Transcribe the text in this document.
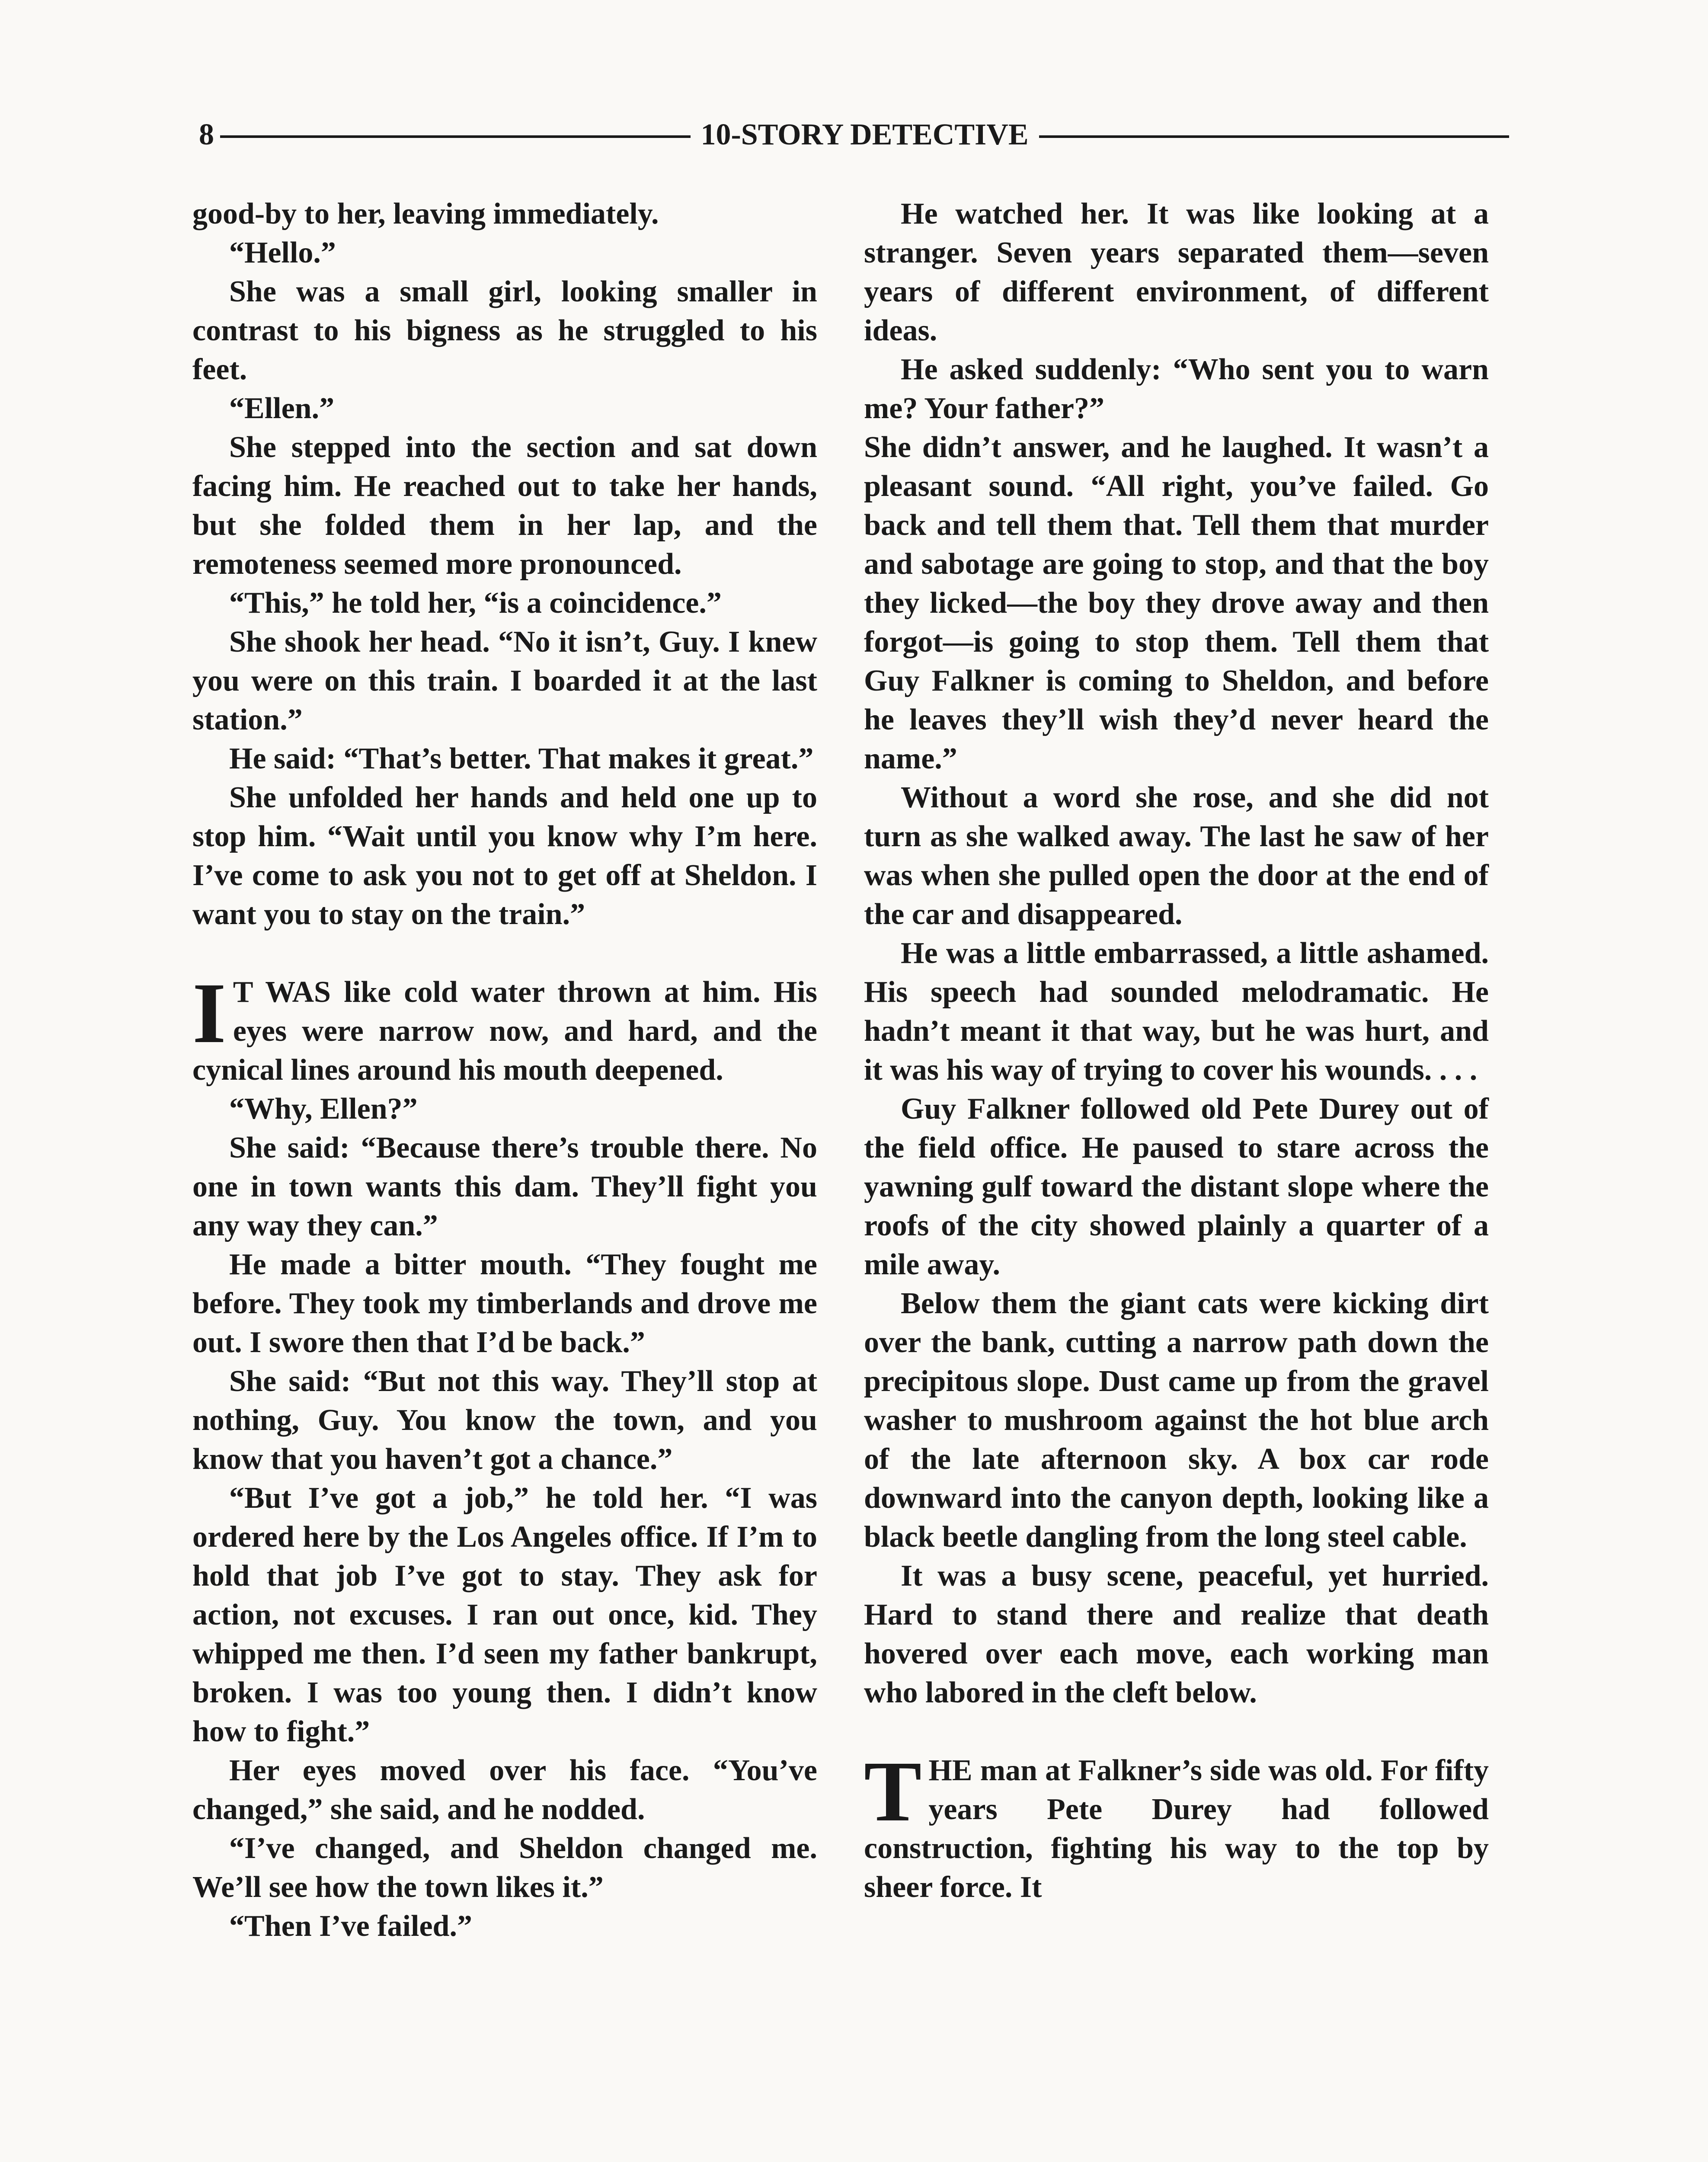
8	10-STORY DETECTIVE

good-by to her, leaving immediately.

“Hello.”

She was a small girl, looking smaller in contrast to his bigness as he struggled to his feet.

“Ellen.”

She stepped into the section and sat down facing him. He reached out to take her hands, but she folded them in her lap, and the remoteness seemed more pronounced.

“This,” he told her, “is a coincidence.”

She shook her head. “No it isn’t, Guy. I knew you were on this train. I boarded it at the last station.”

He said: “That’s better. That makes it great.”

She unfolded her hands and held one up to stop him. “Wait until you know why I’m here. I’ve come to ask you not to get off at Sheldon. I want you to stay on the train.”

I T WAS like cold water thrown at him. His eyes were narrow now, and hard, and the cynical lines around his mouth deepened.

“Why, Ellen?”

She said: “Because there’s trouble there. No one in town wants this dam. They’ll fight you any way they can.”

He made a bitter mouth. “They fought me before. They took my timberlands and drove me out. I swore then that I’d be back.”

She said: “But not this way. They’ll stop at nothing, Guy. You know the town, and you know that you haven’t got a chance.”

“But I’ve got a job,” he told her. “I was ordered here by the Los Angeles office. If I’m to hold that job I’ve got to stay. They ask for action, not excuses. I ran out once, kid. They whipped me then. I’d seen my father bankrupt, broken. I was too young then. I didn’t know how to fight.”

Her eyes moved over his face. “You’ve changed,” she said, and he nodded.

“I’ve changed, and Sheldon changed me. We’ll see how the town likes it.”

“Then I’ve failed.”

He watched her. It was like looking at a stranger. Seven years separated them—seven years of different environment, of different ideas.

He asked suddenly: “Who sent you to warn me? Your father?”

She didn’t answer, and he laughed. It wasn’t a pleasant sound. “All right, you’ve failed. Go back and tell them that. Tell them that murder and sabotage are going to stop, and that the boy they licked—the boy they drove away and then forgot—is going to stop them. Tell them that Guy Falkner is coming to Sheldon, and before he leaves they’ll wish they’d never heard the name.”

Without a word she rose, and she did not turn as she walked away. The last he saw of her was when she pulled open the door at the end of the car and disappeared.

He was a little embarrassed, a little ashamed. His speech had sounded melodramatic. He hadn’t meant it that way, but he was hurt, and it was his way of trying to cover his wounds. . . .

Guy Falkner followed old Pete Durey out of the field office. He paused to stare across the yawning gulf toward the distant slope where the roofs of the city showed plainly a quarter of a mile away.

Below them the giant cats were kicking dirt over the bank, cutting a narrow path down the precipitous slope. Dust came up from the gravel washer to mushroom against the hot blue arch of the late afternoon sky. A box car rode downward into the canyon depth, looking like a black beetle dangling from the long steel cable.

It was a busy scene, peaceful, yet hurried. Hard to stand there and realize that death hovered over each move, each working man who labored in the cleft below.

THE man at Falkner’s side was old. For fifty years Pete Durey had followed construction, fighting his way to the top by sheer force. It
